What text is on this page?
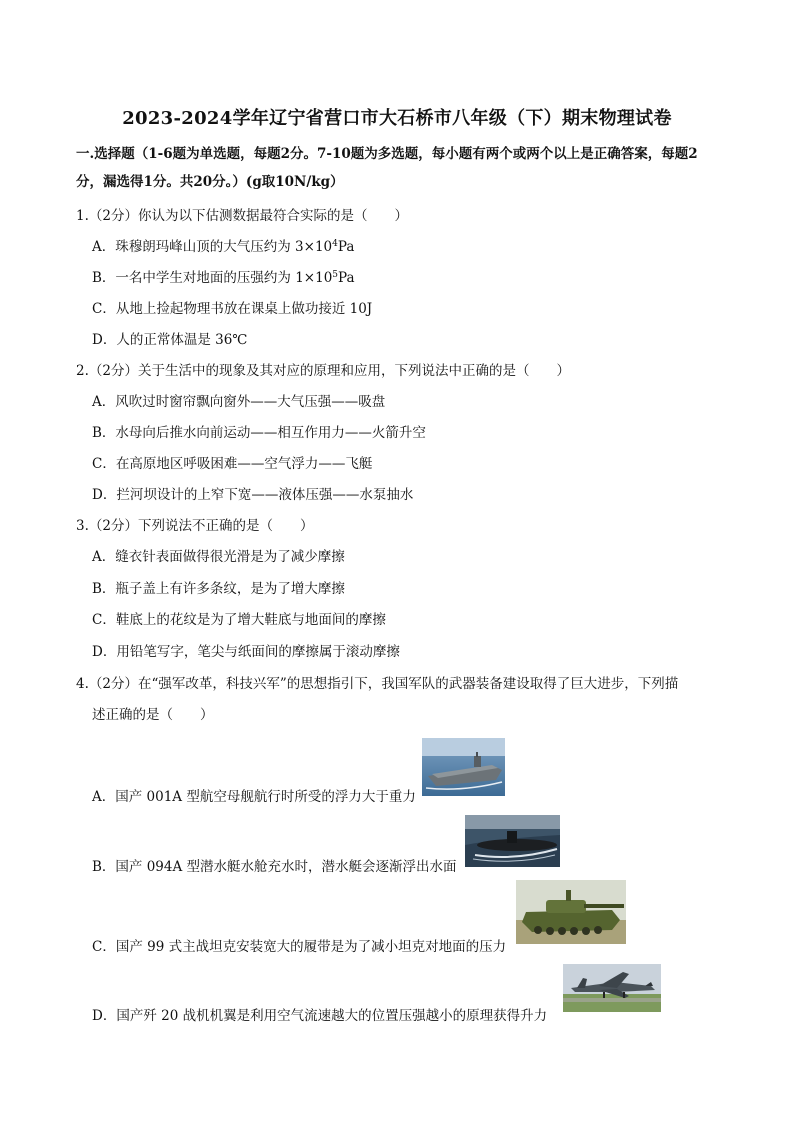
2023-2024学年辽宁省营口市大石桥市八年级（下）期末物理试卷
一.选择题（1-6题为单选题，每题2分。7-10题为多选题，每小题有两个或两个以上是正确答案，每题2
分，漏选得1分。共20分。）(g取10N/kg）
1.（2分）你认为以下估测数据最符合实际的是（　　）
A．珠穆朗玛峰山顶的大气压约为 $3\times 10^4Pa$
B．一名中学生对地面的压强约为 $1\times 10^5Pa$
C．从地上捡起物理书放在课桌上做功接近 10J
D．人的正常体温是 36℃
2.（2分）关于生活中的现象及其对应的原理和应用，下列说法中正确的是（　　）
A．风吹过时窗帘飘向窗外——大气压强——吸盘
B．水母向后推水向前运动——相互作用力——火箭升空
C．在高原地区呼吸困难——空气浮力——飞艇
D．拦河坝设计的上窄下宽——液体压强——水泵抽水
3.（2分）下列说法不正确的是（　　）
A．缝衣针表面做得很光滑是为了减少摩擦
B．瓶子盖上有许多条纹，是为了增大摩擦
C．鞋底上的花纹是为了增大鞋底与地面间的摩擦
D．用铅笔写字，笔尖与纸面间的摩擦属于滚动摩擦
4.（2分）在“强军改革，科技兴军”的思想指引下，我国军队的武器装备建设取得了巨大进步，下列描
述正确的是（　　）
A．国产 001A 型航空母舰航行时所受的浮力大于重力
B．国产 094A 型潜水艇水舱充水时，潜水艇会逐渐浮出水面
C．国产 99 式主战坦克安装宽大的履带是为了减小坦克对地面的压力
D．国产歼 20 战机机翼是利用空气流速越大的位置压强越小的原理获得升力
